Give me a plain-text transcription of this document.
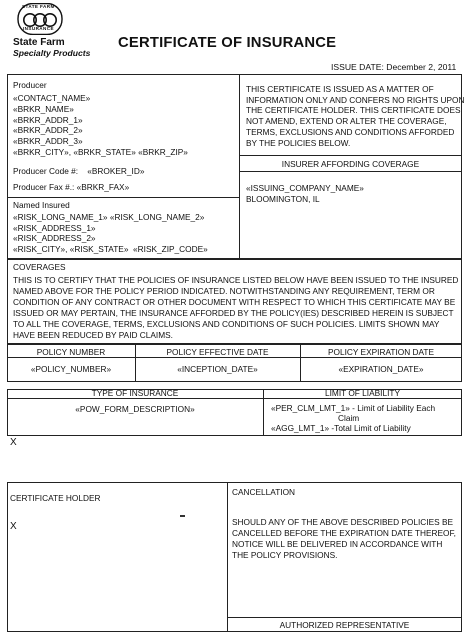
STATE FARM
INSURANCE
State Farm
Specialty Products
CERTIFICATE OF INSURANCE
ISSUE DATE: December 2, 2011
Producer
«CONTACT_NAME»
«BRKR_NAME»
«BRKR_ADDR_1»
«BRKR_ADDR_2»
«BRKR_ADDR_3»
«BRKR_CITY», «BRKR_STATE» «BRKR_ZIP»
Producer Code #:    «BROKER_ID»
Producer Fax #.: «BRKR_FAX»
Named Insured
«RISK_LONG_NAME_1» «RISK_LONG_NAME_2»
«RISK_ADDRESS_1»
«RISK_ADDRESS_2»
«RISK_CITY», «RISK_STATE»  «RISK_ZIP_CODE»
THIS CERTIFICATE IS ISSUED AS A MATTER OF
INFORMATION ONLY AND CONFERS NO RIGHTS UPON
THE CERTIFICATE HOLDER. THIS CERTIFICATE DOES
NOT AMEND, EXTEND OR ALTER THE COVERAGE,
TERMS, EXCLUSIONS AND CONDITIONS AFFORDED
BY THE POLICIES BELOW.
INSURER AFFORDING COVERAGE
«ISSUING_COMPANY_NAME»
BLOOMINGTON, IL
COVERAGES
THIS IS TO CERTIFY THAT THE POLICIES OF INSURANCE LISTED BELOW HAVE BEEN ISSUED TO THE INSURED
NAMED ABOVE FOR THE POLICY PERIOD INDICATED. NOTWITHSTANDING ANY REQUIREMENT, TERM OR
CONDITION OF ANY CONTRACT OR OTHER DOCUMENT WITH RESPECT TO WHICH THIS CERTIFICATE MAY BE
ISSUED OR MAY PERTAIN, THE INSURANCE AFFORDED BY THE POLICY(IES) DESCRIBED HEREIN IS SUBJECT
TO ALL THE COVERAGE, TERMS, EXCLUSIONS AND CONDITIONS OF SUCH POLICIES. LIMITS SHOWN MAY
HAVE BEEN REDUCED BY PAID CLAIMS.
POLICY NUMBER	POLICY EFFECTIVE DATE	POLICY EXPIRATION DATE
«POLICY_NUMBER»	«INCEPTION_DATE»	«EXPIRATION_DATE»
TYPE OF INSURANCE	LIMIT OF LIABILITY
«POW_FORM_DESCRIPTION»	«PER_CLM_LMT_1» - Limit of Liability Each
Claim
«AGG_LMT_1» -Total Limit of Liability
X
CERTIFICATE HOLDER
X
CANCELLATION
SHOULD ANY OF THE ABOVE DESCRIBED POLICIES BE
CANCELLED BEFORE THE EXPIRATION DATE THEREOF,
NOTICE WILL BE DELIVERED IN ACCORDANCE WITH
THE POLICY PROVISIONS.
AUTHORIZED REPRESENTATIVE
